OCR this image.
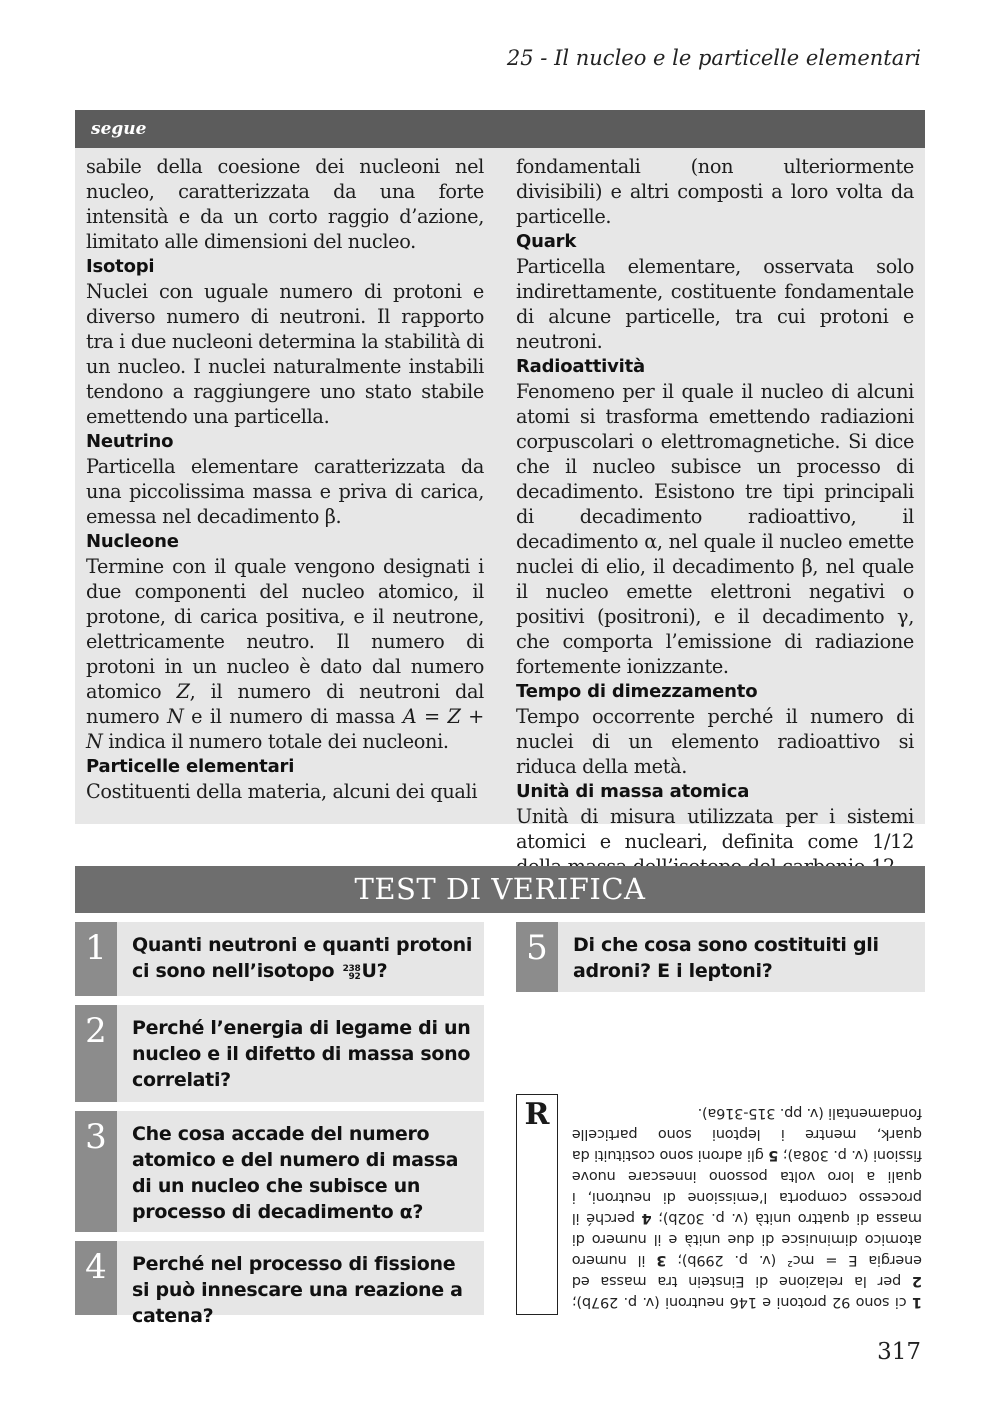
25 - Il nucleo e le particelle elementari
segue

sabile della coesione dei nucleoni nel nucleo, caratterizzata da una forte intensità e da un corto raggio d’azione, limitato alle dimensioni del nucleo.

Isotopi

Nuclei con uguale numero di protoni e diverso numero di neutroni. Il rapporto tra i due nucleoni determina la stabilità di un nucleo. I nuclei naturalmente instabili tendono a raggiungere uno stato stabile emettendo una particella.

Neutrino

Particella elementare caratterizzata da una piccolissima massa e priva di carica, emessa nel decadimento β.

Nucleone

Termine con il quale vengono designati i due componenti del nucleo atomico, il protone, di carica positiva, e il neutrone, elettricamente neutro. Il numero di protoni in un nucleo è dato dal numero atomico Z, il numero di neutroni dal numero N e il numero di massa A = Z + N indica il numero totale dei nucleoni.

Particelle elementari

Costituenti della materia, alcuni dei quali

fondamentali (non ulteriormente divisibili) e altri composti a loro volta da particelle.

Quark

Particella elementare, osservata solo indirettamente, costituente fondamentale di alcune particelle, tra cui protoni e neutroni.

Radioattività

Fenomeno per il quale il nucleo di alcuni atomi si trasforma emettendo radiazioni corpuscolari o elettromagnetiche. Si dice che il nucleo subisce un processo di decadimento. Esistono tre tipi principali di decadimento radioattivo, il decadimento α, nel quale il nucleo emette nuclei di elio, il decadimento β, nel quale il nucleo emette elettroni negativi o positivi (positroni), e il decadimento γ, che comporta l’emissione di radiazione fortemente ionizzante.

Tempo di dimezzamento

Tempo occorrente perché il numero di nuclei di un elemento radioattivo si riduca della metà.

Unità di massa atomica

Unità di misura utilizzata per i sistemi atomici e nucleari, definita come 1/12

TEST DI VERIFICA
1	Quanti neutroni e quanti protoni ci sono nell’isotopo 238
92 U?
2	Perché l’energia di legame di un nucleo e il difetto di massa sono correlati?
3	Che cosa accade del numero atomico e del numero di massa di un nucleo che subisce un processo di decadimento α?
4	Perché nel processo di fissione si può innescare una reazione a catena?
5	Di che cosa sono costituiti gli adroni? E i leptoni?
R
1 ci sono 92 protoni e 146 neutroni (v. p. 297b); 2 per la relazione di Einstein tra massa ed energia E = mc² (v. p. 299b); 3 il numero atomico diminuisce di due unità e il numero di massa di quattro unità (v. p. 302b); 4 perché il processo comporta l’emissione di neutroni, i quali a loro volta possono innescare nuove fissioni (v. p. 308a); 5 gli adroni sono costituiti da quark, mentre i leptoni sono particelle fondamentali (v. pp. 315-316a).
317
